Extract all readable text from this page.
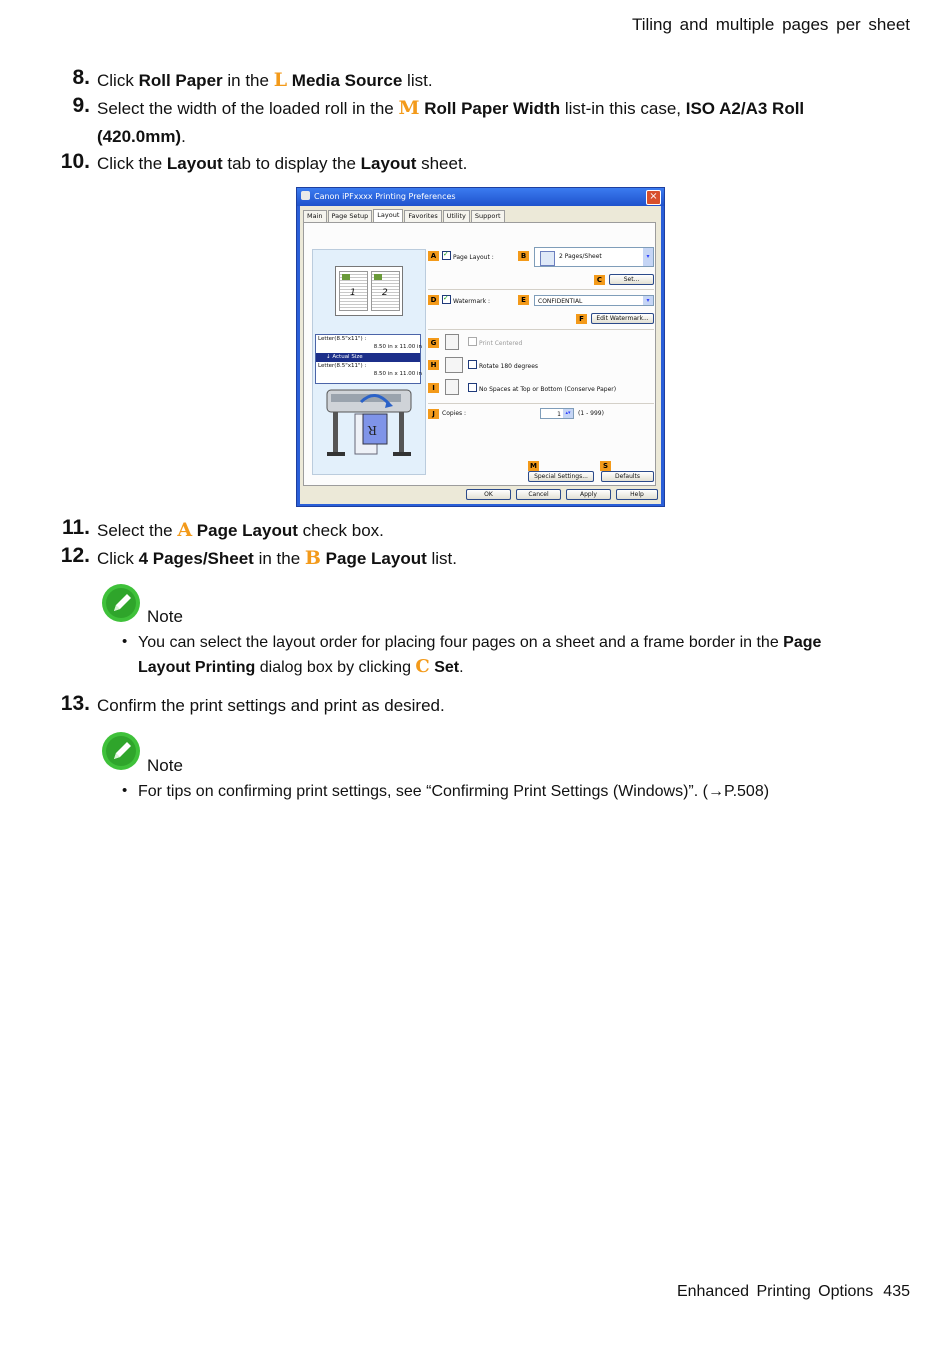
Tiling and multiple pages per sheet
8. Click Roll Paper in the L Media Source list.
9. Select the width of the loaded roll in the M Roll Paper Width list-in this case, ISO A2/A3 Roll (420.0mm).
10. Click the Layout tab to display the Layout sheet.
Canon iPFxxxx Printing Preferences	×
Main	Page Setup	Layout	Favorites	Utility	Support
1	2
Letter(8.5"x11") :
8.50 in x 11.00 in
↓ Actual Size
Letter(8.5"x11") :
8.50 in x 11.00 in
R
A ✓	Page Layout :	B	2 Pages/Sheet	▾
C	Set...
D ✓	Watermark :	E	CONFIDENTIAL	▾
F	Edit Watermark...
G	Print Centered
H	Rotate 180 degrees
I	No Spaces at Top or Bottom (Conserve Paper)
J	Copies :	1 ▴▾	(1 - 999)
M	S
Special Settings...	Defaults
OK	Cancel	Apply	Help
11. Select the A Page Layout check box.
12. Click 4 Pages/Sheet in the B Page Layout list.
Note
• You can select the layout order for placing four pages on a sheet and a frame border in the Page Layout Printing dialog box by clicking C Set.
13. Confirm the print settings and print as desired.
Note
• For tips on confirming print settings, see “Confirming Print Settings (Windows)”. (→P.508)
Enhanced Printing Options 435
